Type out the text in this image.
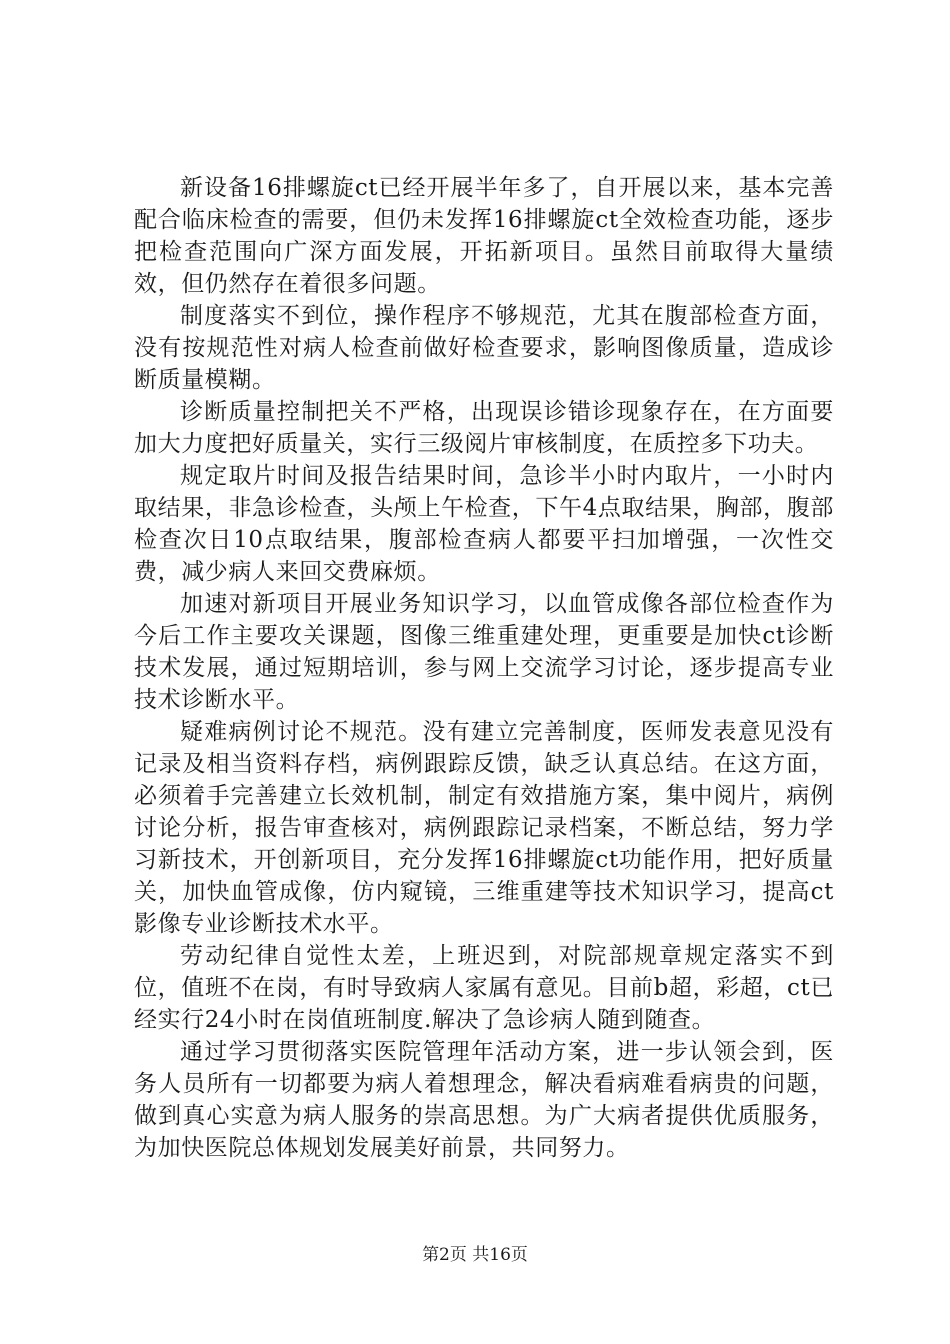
新设备16排螺旋ct已经开展半年多了，自开展以来，基本完善配合临床检查的需要，但仍未发挥16排螺旋ct全效检查功能，逐步把检查范围向广深方面发展，开拓新项目。虽然目前取得大量绩效，但仍然存在着很多问题。

制度落实不到位，操作程序不够规范，尤其在腹部检查方面，没有按规范性对病人检查前做好检查要求，影响图像质量，造成诊断质量模糊。

诊断质量控制把关不严格，出现误诊错诊现象存在，在方面要加大力度把好质量关，实行三级阅片审核制度，在质控多下功夫。

规定取片时间及报告结果时间，急诊半小时内取片，一小时内取结果，非急诊检查，头颅上午检查，下午4点取结果，胸部，腹部检查次日10点取结果，腹部检查病人都要平扫加增强，一次性交费，减少病人来回交费麻烦。

加速对新项目开展业务知识学习，以血管成像各部位检查作为今后工作主要攻关课题，图像三维重建处理，更重要是加快ct诊断技术发展，通过短期培训，参与网上交流学习讨论，逐步提高专业技术诊断水平。

疑难病例讨论不规范。没有建立完善制度，医师发表意见没有记录及相当资料存档，病例跟踪反馈，缺乏认真总结。在这方面，必须着手完善建立长效机制，制定有效措施方案，集中阅片，病例讨论分析，报告审查核对，病例跟踪记录档案，不断总结，努力学习新技术，开创新项目，充分发挥16排螺旋ct功能作用，把好质量关，加快血管成像，仿内窥镜，三维重建等技术知识学习，提高ct影像专业诊断技术水平。

劳动纪律自觉性太差，上班迟到，对院部规章规定落实不到位，值班不在岗，有时导致病人家属有意见。目前b超，彩超，ct已经实行24小时在岗值班制度.解决了急诊病人随到随查。

通过学习贯彻落实医院管理年活动方案，进一步认领会到，医务人员所有一切都要为病人着想理念，解决看病难看病贵的问题，做到真心实意为病人服务的崇高思想。为广大病者提供优质服务，为加快医院总体规划发展美好前景，共同努力。

第2页 共16页
